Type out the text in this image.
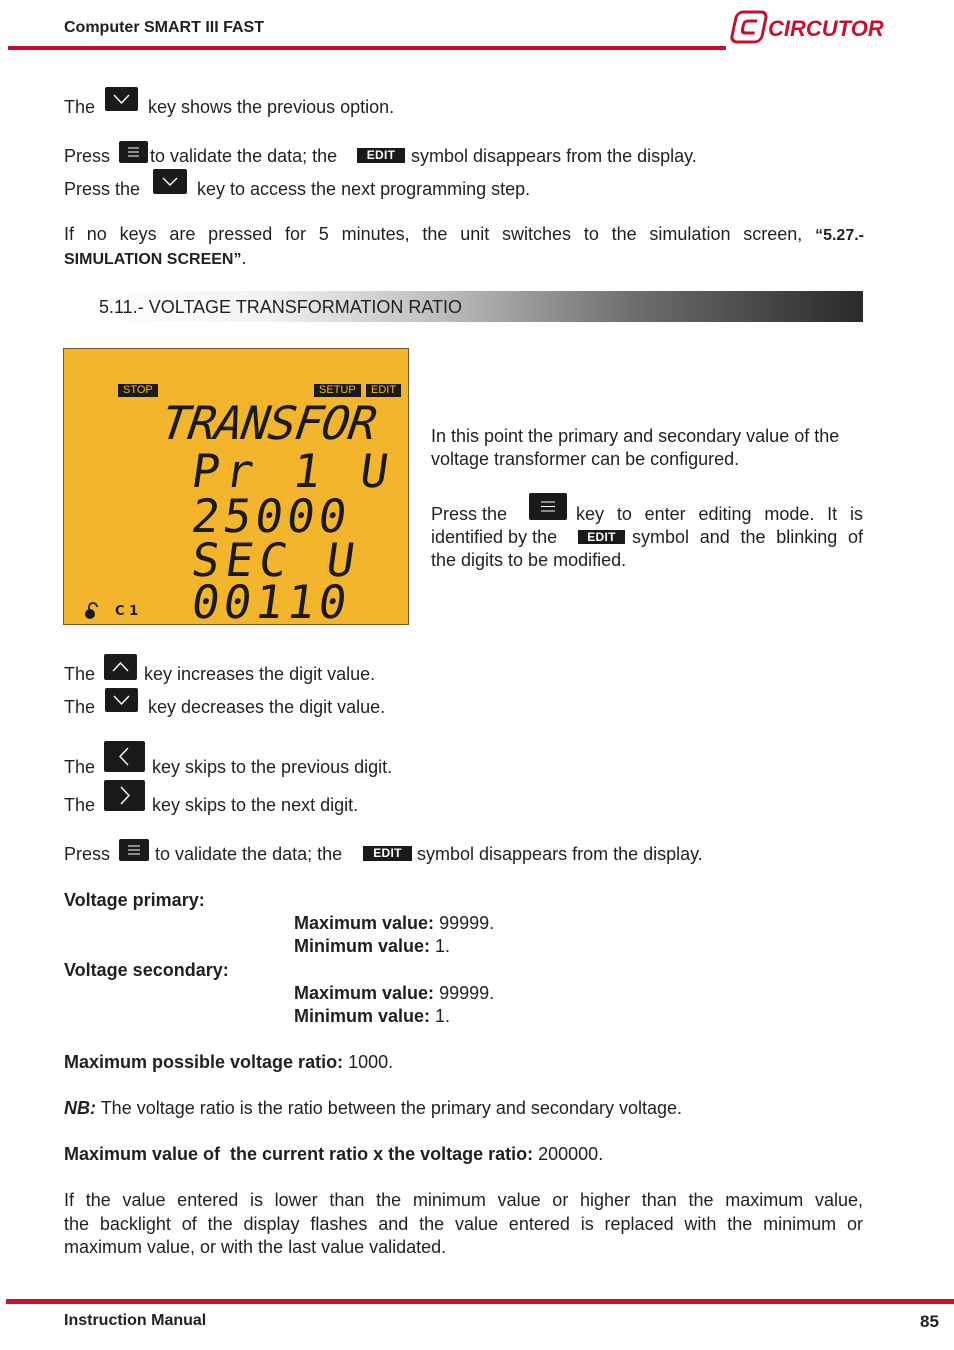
Computer SMART III FAST	CIRCUTOR
The	key shows the previous option.
Press to validate the data; the	EDIT symbol disappears from the display.
Press the	key to access the next programming step.
If no keys are pressed for 5 minutes, the unit switches to the simulation screen, “5.27.-
SIMULATION SCREEN”.
5.11.- VOLTAGE TRANSFORMATION RATIO
STOP	SETUP	EDIT
TRANSFOR
Pr 1 U
25000
SEC U
00110
C 1
In this point the primary and secondary value of the
voltage transformer can be configured.
Press the	key to enter editing mode. It is
identified by the	EDIT symbol and the blinking of
the digits to be modified.
The	key increases the digit value.
The	key decreases the digit value.
The	key skips to the previous digit.
The	key skips to the next digit.
Press to validate the data; the	EDIT symbol disappears from the display.
Voltage primary:
Maximum value: 99999.
Minimum value: 1.
Voltage secondary:
Maximum value: 99999.
Minimum value: 1.
Maximum possible voltage ratio: 1000.
NB: The voltage ratio is the ratio between the primary and secondary voltage.
Maximum value of  the current ratio x the voltage ratio: 200000.
If the value entered is lower than the minimum value or higher than the maximum value,
the backlight of the display flashes and the value entered is replaced with the minimum or
maximum value, or with the last value validated.
Instruction Manual	85
